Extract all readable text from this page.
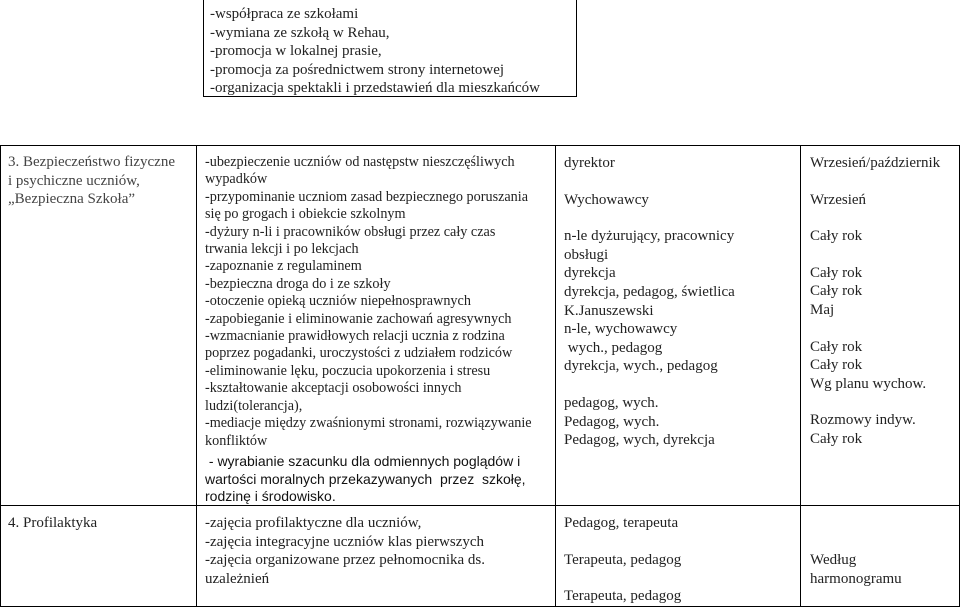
-współpraca ze szkołami
-wymiana ze szkołą w Rehau,
-promocja w lokalnej prasie,
-promocja za pośrednictwem strony internetowej
-organizacja spektakli i przedstawień dla mieszkańców
3. Bezpieczeństwo fizyczne
i psychiczne uczniów,
„Bezpieczna Szkoła”
-ubezpieczenie uczniów od następstw nieszczęśliwych
wypadków
-przypominanie uczniom zasad bezpiecznego poruszania
się po grogach i obiekcie szkolnym
-dyżury n-li i pracowników obsługi przez cały czas
trwania lekcji i po lekcjach
-zapoznanie z regulaminem
-bezpieczna droga do i ze szkoły
-otoczenie opieką uczniów niepełnosprawnych
-zapobieganie i eliminowanie zachowań agresywnych
-wzmacnianie prawidłowych relacji ucznia z rodzina
poprzez pogadanki, uroczystości z udziałem rodziców
-eliminowanie lęku, poczucia upokorzenia i stresu
-kształtowanie akceptacji osobowości innych
ludzi(tolerancja),
-mediacje między zwaśnionymi stronami, rozwiązywanie
konfliktów
- wyrabianie szacunku dla odmiennych poglądów i
wartości moralnych przekazywanych  przez  szkołę,
rodzinę i środowisko.
dyrektor
Wychowawcy
n-le dyżurujący, pracownicy
obsługi
dyrekcja
dyrekcja, pedagog, świetlica
K.Januszewski
n-le, wychowawcy
wych., pedagog
dyrekcja, wych., pedagog
pedagog, wych.
Pedagog, wych.
Pedagog, wych, dyrekcja
Wrzesień/październik
Wrzesień
Cały rok
Cały rok
Cały rok
Maj
Cały rok
Cały rok
Wg planu wychow.
Rozmowy indyw.
Cały rok
4. Profilaktyka	-zajęcia profilaktyczne dla uczniów,
-zajęcia integracyjne uczniów klas pierwszych
-zajęcia organizowane przez pełnomocnika ds.
uzależnień
Pedagog, terapeuta
Terapeuta, pedagog
Terapeuta, pedagog
Według
harmonogramu
